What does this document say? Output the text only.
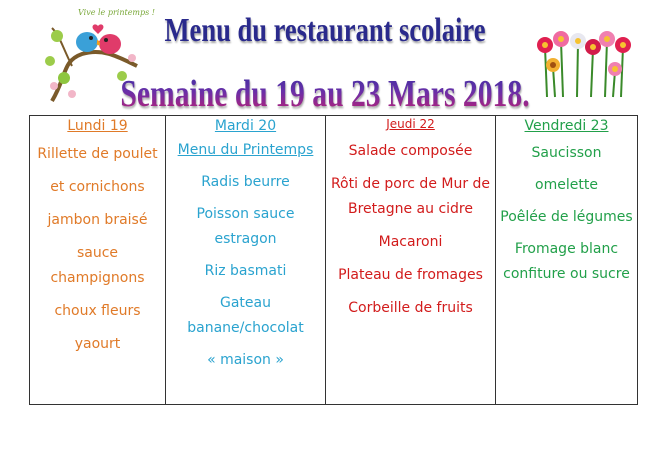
Vive le printemps ! Menu du restaurant scolaire
Semaine du 19 au 23 Mars 2018.
Lundi 19
Rillette de poulet
et cornichons
jambon braisé
sauce champignons
choux fleurs
yaourt

Mardi 20
Menu du Printemps
Radis beurre
Poisson sauce estragon
Riz basmati
Gateau banane/chocolat
« maison »

Jeudi 22
Salade composée
Rôti de porc de Mur de Bretagne au cidre
Macaroni
Plateau de fromages
Corbeille de fruits

Vendredi 23
Saucisson
omelette
Poêlée de légumes
Fromage blanc confiture ou sucre
